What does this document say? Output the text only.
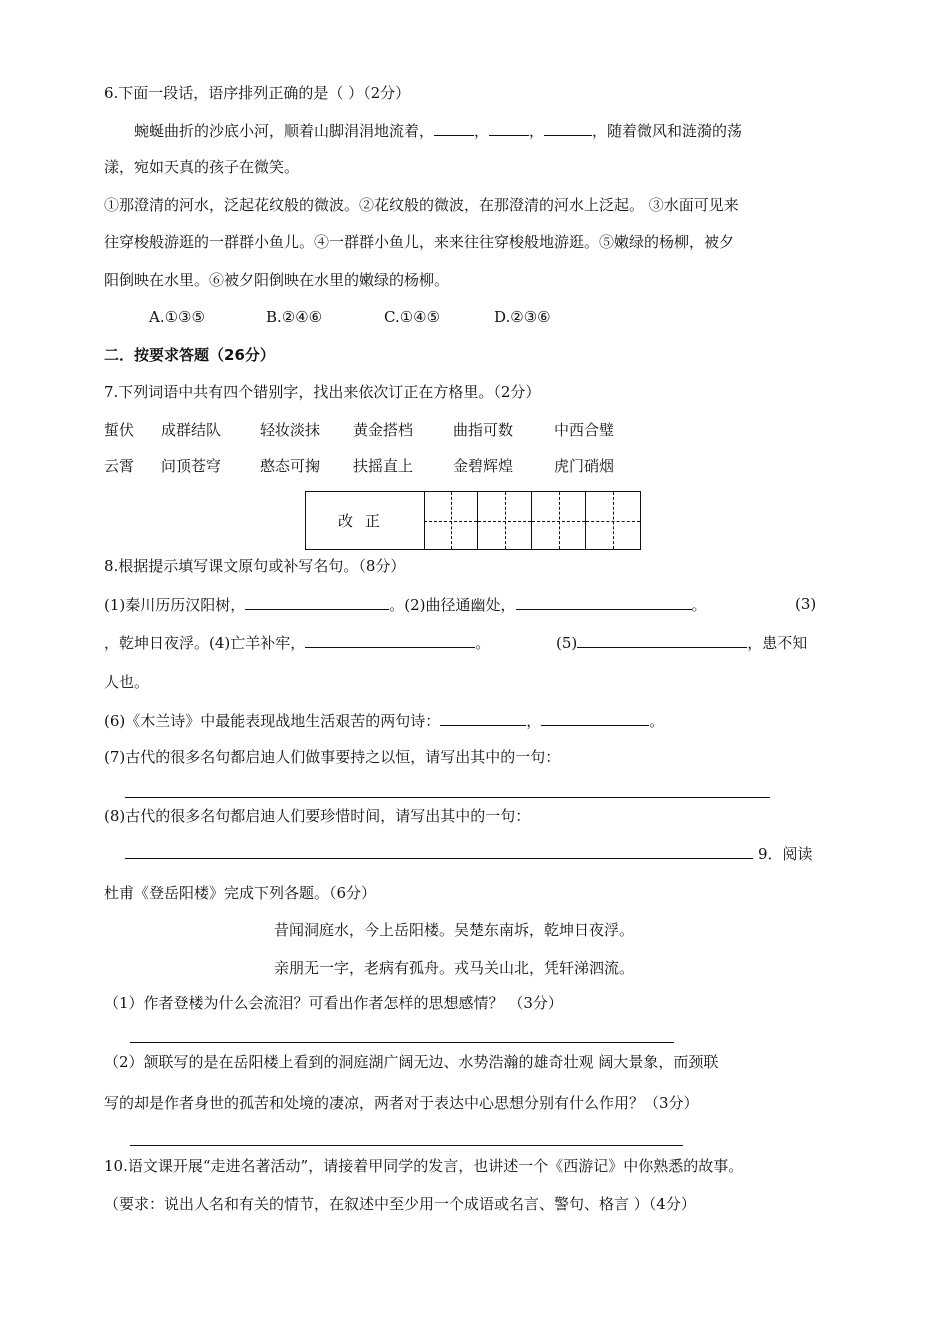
6.下面一段话，语序排列正确的是（ ）（2分）
蜿蜒曲折的沙底小河，顺着山脚涓涓地流着，	，	，	，随着微风和涟漪的荡
漾，宛如天真的孩子在微笑。
①那澄清的河水，泛起花纹般的微波。②花纹般的微波，在那澄清的河水上泛起。 ③水面可见来
往穿梭般游逛的一群群小鱼儿。④一群群小鱼儿，来来往往穿梭般地游逛。⑤嫩绿的杨柳，被夕
阳倒映在水里。⑥被夕阳倒映在水里的嫩绿的杨柳。
A.①③⑤	B.②④⑥	C.①④⑤	D.②③⑥
二．按要求答题（26分）
7.下列词语中共有四个错别字，找出来依次订正在方格里。（2分）
蜇伏 成群结队	轻妆淡抹 黄金搭档	曲指可数	中西合璧
云霄 问顶苍穹	憨态可掬 扶摇直上	金碧辉煌	虎门硝烟
改正
8.根据提示填写课文原句或补写名句。（8分）
(1)秦川历历汉阳树，	。(2)曲径通幽处，	。	(3)
，乾坤日夜浮。(4)亡羊补牢，	。	(5)	，患不知
人也。
(6)《木兰诗》中最能表现战地生活艰苦的两句诗：	，	。
(7)古代的很多名句都启迪人们做事要持之以恒，请写出其中的一句：
(8)古代的很多名句都启迪人们要珍惜时间，请写出其中的一句：
9．阅读
杜甫《登岳阳楼》完成下列各题。（6分）
昔闻洞庭水，今上岳阳楼。吴楚东南坼，乾坤日夜浮。
亲朋无一字，老病有孤舟。戎马关山北，凭轩涕泗流。
（1）作者登楼为什么会流泪？可看出作者怎样的思想感情？ （3分）
（2）颔联写的是在岳阳楼上看到的洞庭湖广阔无边、水势浩瀚的雄奇壮观 阔大景象，而颈联
写的却是作者身世的孤苦和处境的凄凉，两者对于表达中心思想分别有什么作用？（3分）
10.语文课开展“走进名著活动”，请接着甲同学的发言，也讲述一个《西游记》中你熟悉的故事。
（要求：说出人名和有关的情节，在叙述中至少用一个成语或名言、警句、格言 ）（4分）
